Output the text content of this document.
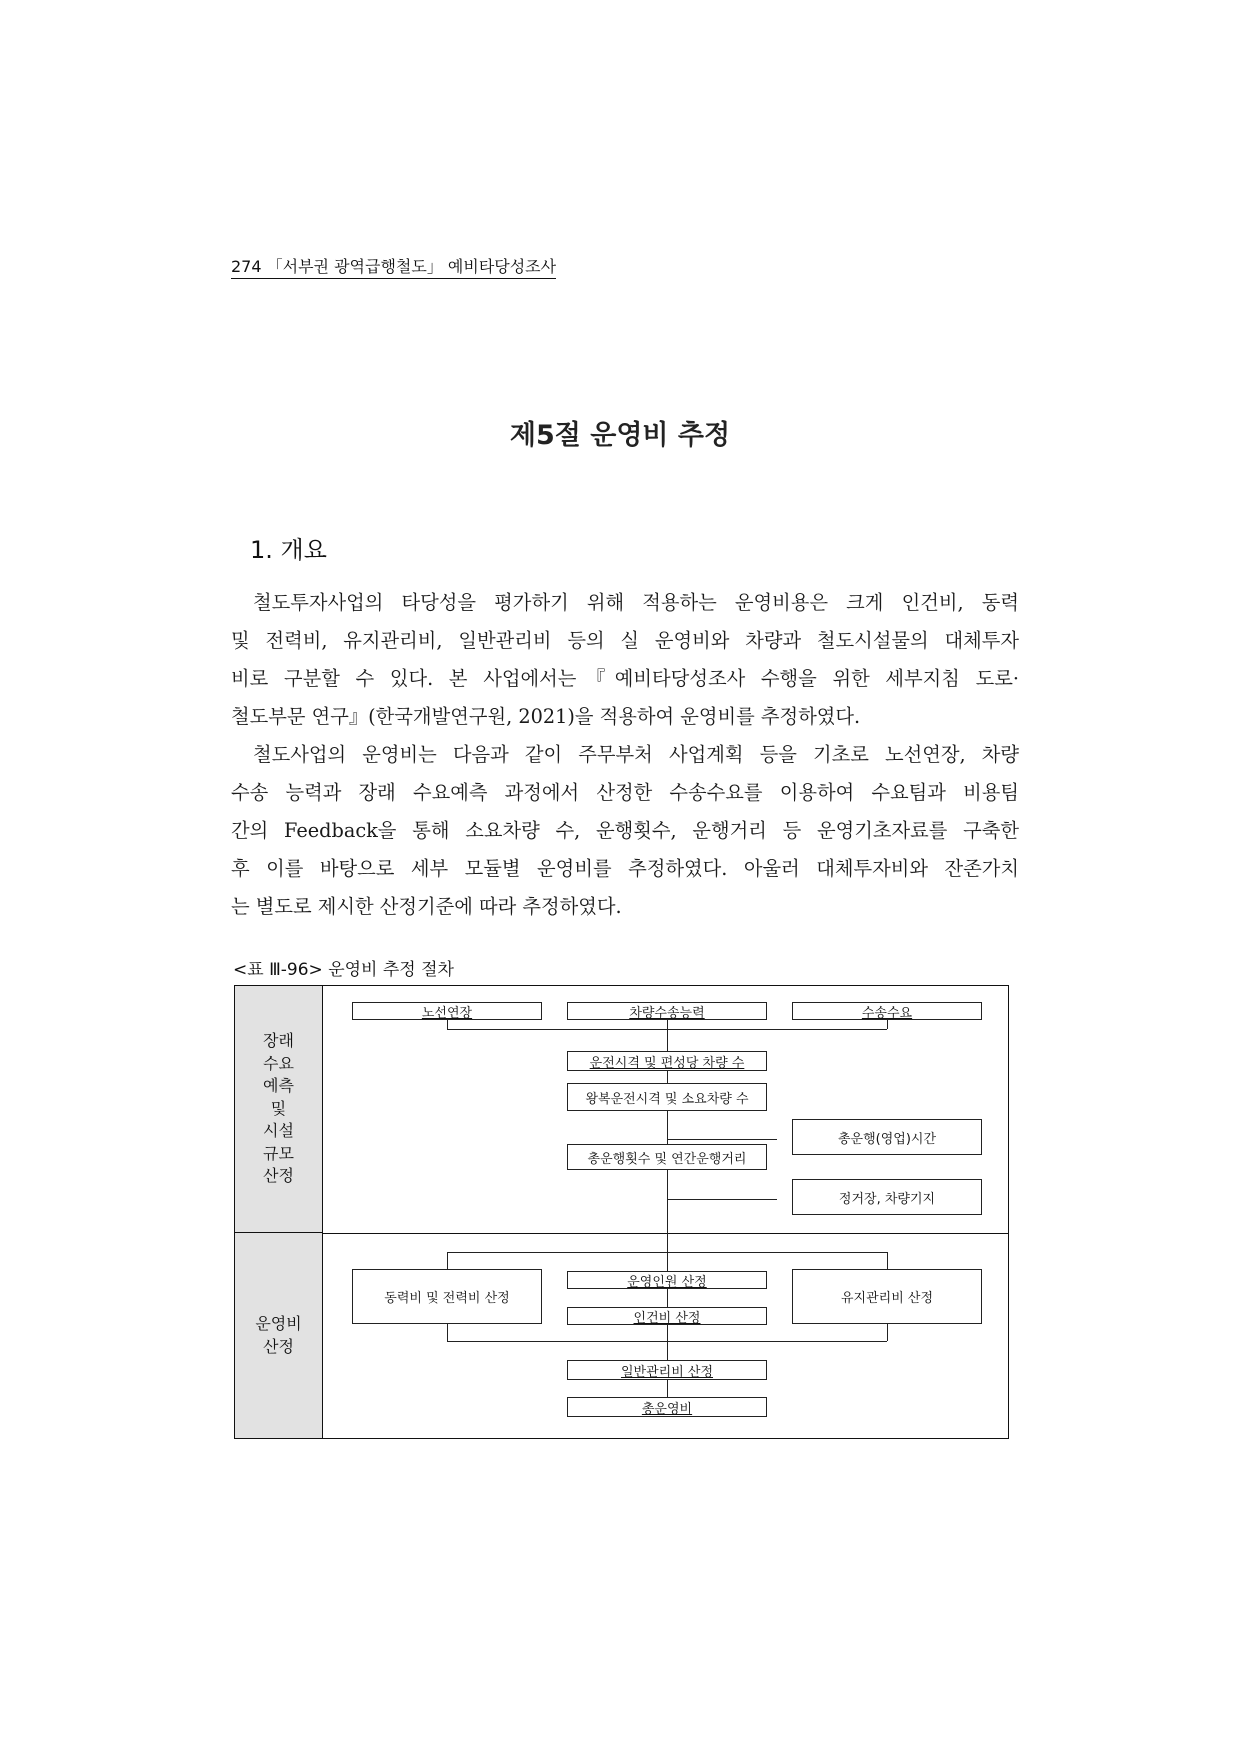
274 「서부권 광역급행철도」 예비타당성조사
제5절 운영비 추정
1. 개요
철도투자사업의 타당성을 평가하기 위해 적용하는 운영비용은 크게 인건비, 동력
및 전력비, 유지관리비, 일반관리비 등의 실 운영비와 차량과 철도시설물의 대체투자
비로 구분할 수 있다. 본 사업에서는『예비타당성조사 수행을 위한 세부지침 도로·
철도부문 연구』(한국개발연구원, 2021)을 적용하여 운영비를 추정하였다.
철도사업의 운영비는 다음과 같이 주무부처 사업계획 등을 기초로 노선연장, 차량
수송 능력과 장래 수요예측 과정에서 산정한 수송수요를 이용하여 수요팀과 비용팀
간의 Feedback을 통해 소요차량 수, 운행횟수, 운행거리 등 운영기초자료를 구축한
후 이를 바탕으로 세부 모듈별 운영비를 추정하였다. 아울러 대체투자비와 잔존가치
는 별도로 제시한 산정기준에 따라 추정하였다.
<표 Ⅲ-96> 운영비 추정 절차
장래
수요
예측
및
시설
규모
산정
운영비
산정
노선연장	차량수송능력	수송수요
운전시격 및 편성당 차량 수
왕복운전시격 및 소요차량 수
총운행(영업)시간
총운행횟수 및 연간운행거리
정거장, 차량기지
동력비 및 전력비 산정
운영인원 산정
인건비 산정
유지관리비 산정
일반관리비 산정
총운영비
